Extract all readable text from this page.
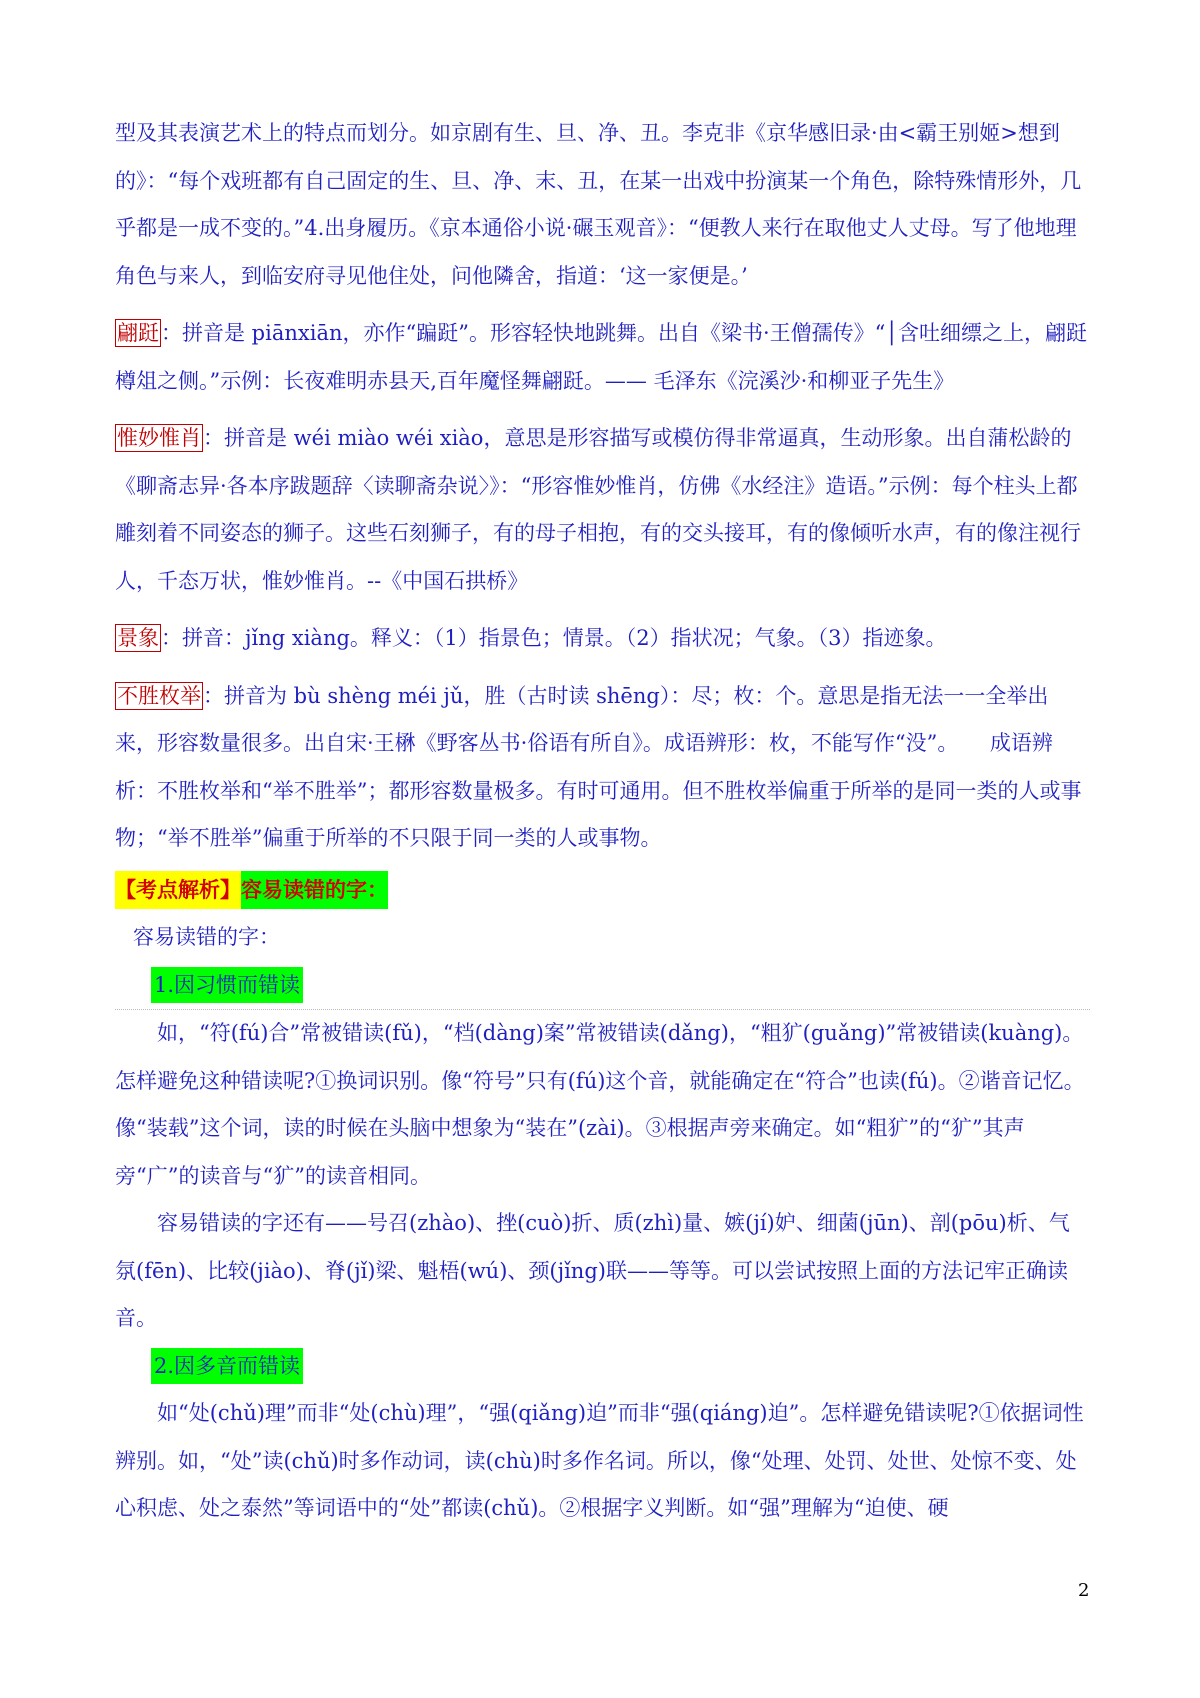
型及其表演艺术上的特点而划分。如京剧有生、旦、净、丑。李克非《京华感旧录·由<霸王别姬>想到的》：“每个戏班都有自己固定的生、旦、净、末、丑，在某一出戏中扮演某一个角色，除特殊情形外，几乎都是一成不变的。”4.出身履历。《京本通俗小说·碾玉观音》：“便教人来行在取他丈人丈母。写了他地理角色与来人，到临安府寻见他住处，问他隣舍，指道：‘这一家便是。’

翩跹：拼音是 piānxiān，亦作“蹁跹”。形容轻快地跳舞。出自《梁书·王僧孺传》“│含吐细缥之上，翩跹樽俎之侧。”示例：长夜难明赤县天,百年魔怪舞翩跹。—— 毛泽东《浣溪沙·和柳亚子先生》

惟妙惟肖：拼音是 wéi miào wéi xiào，意思是形容描写或模仿得非常逼真，生动形象。出自蒲松龄的《聊斋志异·各本序跋题辞〈读聊斋杂说〉》：“形容惟妙惟肖，仿佛《水经注》造语。”示例：每个柱头上都雕刻着不同姿态的狮子。这些石刻狮子，有的母子相抱，有的交头接耳，有的像倾听水声，有的像注视行人，千态万状，惟妙惟肖。--《中国石拱桥》

景象：拼音：jǐng xiàng。释义：（1）指景色；情景。（2）指状况；气象。（3）指迹象。

不胜枚举：拼音为 bù shèng méi jǔ，胜（古时读 shēng）：尽；枚：个。意思是指无法一一全举出来，形容数量很多。出自宋·王楙《野客丛书·俗语有所自》。成语辨形：枚，不能写作“没”。　　成语辨析：不胜枚举和“举不胜举”；都形容数量极多。有时可通用。但不胜枚举偏重于所举的是同一类的人或事物；“举不胜举”偏重于所举的不只限于同一类的人或事物。

【考点解析】容易读错的字：

容易读错的字：

1.因习惯而错读

如，“符(fú)合”常被错读(fǔ)，“档(dàng)案”常被错读(dǎng)，“粗犷(guǎng)”常被错读(kuàng)。怎样避免这种错读呢?①换词识别。像“符号”只有(fú)这个音，就能确定在“符合”也读(fú)。②谐音记忆。像“装载”这个词，读的时候在头脑中想象为“装在”(zài)。③根据声旁来确定。如“粗犷”的“犷”其声旁“广”的读音与“犷”的读音相同。

容易错读的字还有——号召(zhào)、挫(cuò)折、质(zhì)量、嫉(jí)妒、细菌(jūn)、剖(pōu)析、气氛(fēn)、比较(jiào)、脊(jǐ)梁、魁梧(wú)、颈(jǐng)联——等等。可以尝试按照上面的方法记牢正确读音。

2.因多音而错读

如“处(chǔ)理”而非“处(chù)理”，“强(qiǎng)迫”而非“强(qiáng)迫”。怎样避免错读呢?①依据词性辨别。如，“处”读(chǔ)时多作动词，读(chù)时多作名词。所以，像“处理、处罚、处世、处惊不变、处心积虑、处之泰然”等词语中的“处”都读(chǔ)。②根据字义判断。如“强”理解为“迫使、硬

2
